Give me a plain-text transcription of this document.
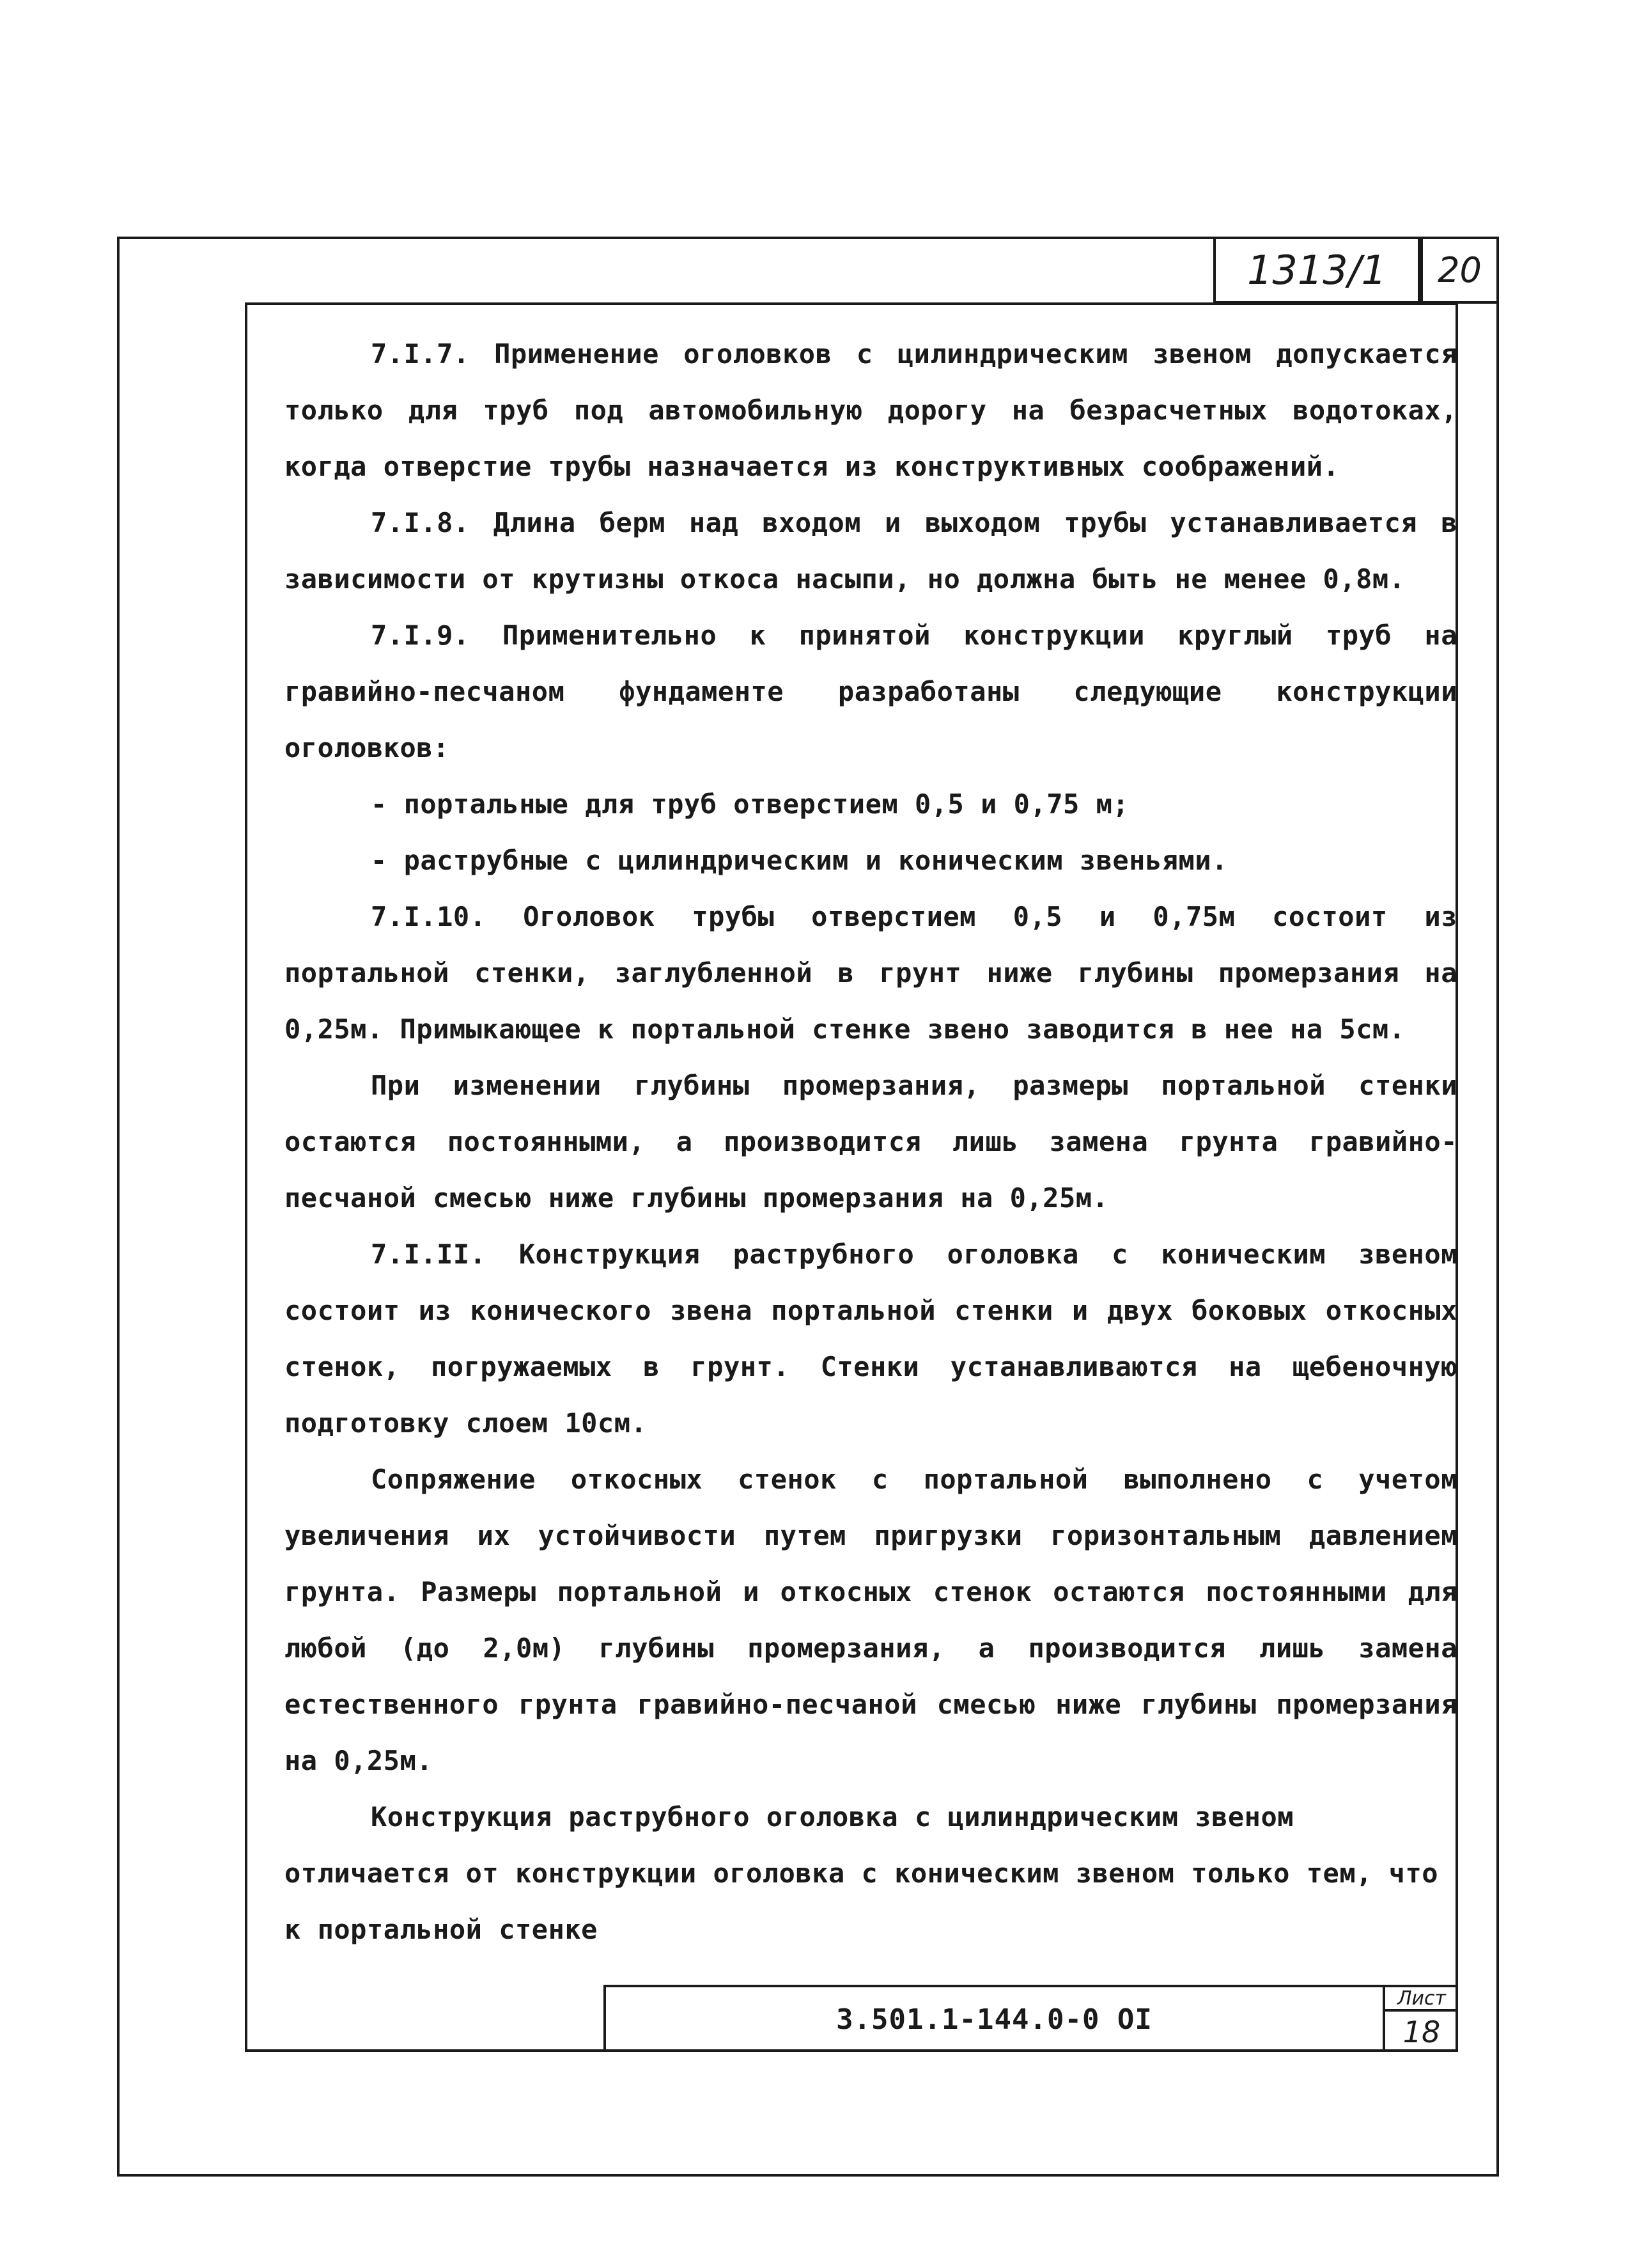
1313/1 20

7.I.7. Применение оголовков с цилиндрическим звеном допускается только для труб под автомобильную дорогу на безрасчетных водотоках, когда отверстие трубы назначается из конструктивных соображений.

7.I.8. Длина берм над входом и выходом трубы устанавливается в зависимости от крутизны откоса насыпи, но должна быть не менее 0,8м.

7.I.9. Применительно к принятой конструкции круглый труб на гравийно-песчаном фундаменте разработаны следующие конструкции оголовков:

- портальные для труб отверстием 0,5 и 0,75 м;

- раструбные с цилиндрическим и коническим звеньями.

7.I.10. Оголовок трубы отверстием 0,5 и 0,75м состоит из портальной стенки, заглубленной в грунт ниже глубины промерзания на 0,25м. Примыкающее к портальной стенке звено заводится в нее на 5см.

При изменении глубины промерзания, размеры портальной стенки остаются постоянными, а производится лишь замена грунта гравийно-песчаной смесью ниже глубины промерзания на 0,25м.

7.I.II. Конструкция раструбного оголовка с коническим звеном состоит из конического звена портальной стенки и двух боковых откосных стенок, погружаемых в грунт. Стенки устанавливаются на щебеночную подготовку слоем 10см.

Сопряжение откосных стенок с портальной выполнено с учетом увеличения их устойчивости путем пригрузки горизонтальным давлением грунта. Размеры портальной и откосных стенок остаются постоянными для любой (до 2,0м) глубины промерзания, а производится лишь замена естественного грунта гравийно-песчаной смесью ниже глубины промерзания на 0,25м.

Конструкция раструбного оголовка с цилиндрическим звеном отличается от конструкции оголовка с коническим звеном только тем, что к портальной стенке

3.501.1-144.0-0 ОI
Лист
18
